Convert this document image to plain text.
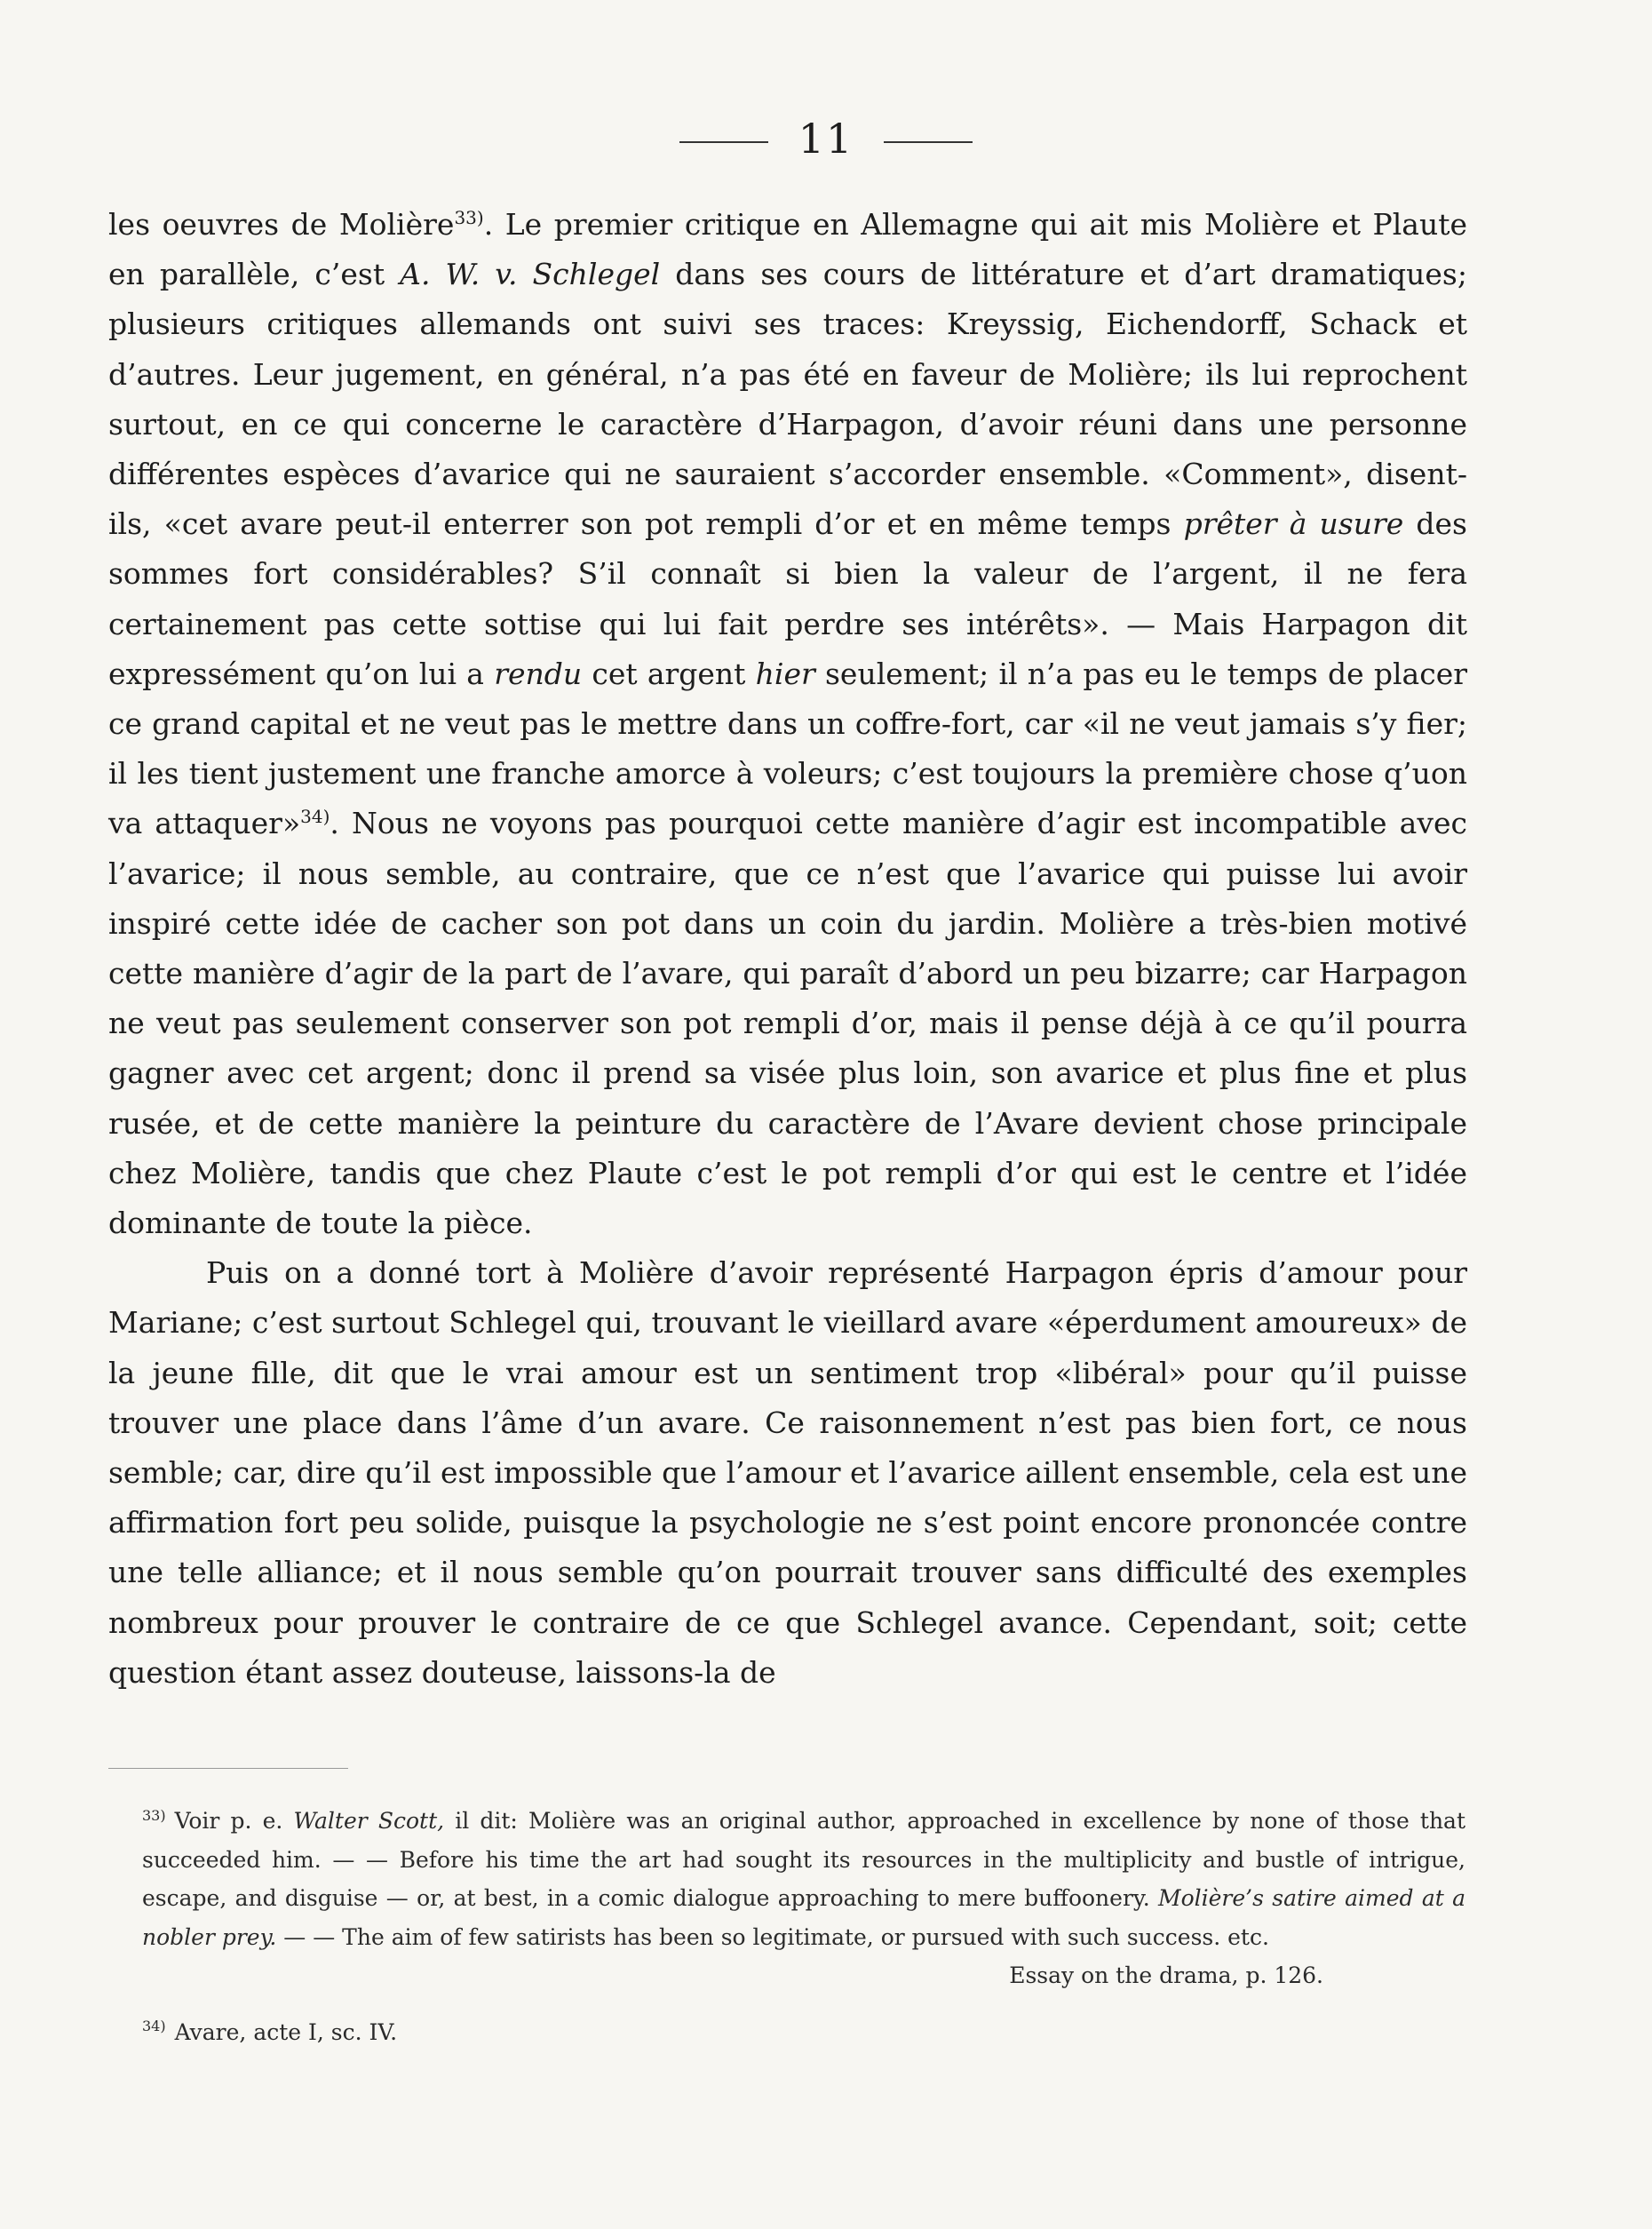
11

les oeuvres de Molière$^{33)}$. Le premier critique en Allemagne qui ait mis Molière et Plaute en parallèle, c’est A. W. v. Schlegel dans ses cours de littérature et d’art dramatiques; plusieurs critiques allemands ont suivi ses traces: Kreyssig, Eichendorff, Schack et d’autres. Leur jugement, en général, n’a pas été en faveur de Molière; ils lui reprochent surtout, en ce qui concerne le caractère d’Harpagon, d’avoir réuni dans une personne différentes espèces d’avarice qui ne sauraient s’accorder ensemble. «Comment», disent-ils, «cet avare peut-il enterrer son pot rempli d’or et en même temps prêter à usure des sommes fort considérables? S’il connaît si bien la valeur de l’argent, il ne fera certainement pas cette sottise qui lui fait perdre ses intérêts». — Mais Harpagon dit expressément qu’on lui a rendu cet argent hier seulement; il n’a pas eu le temps de placer ce grand capital et ne veut pas le mettre dans un coffre-fort, car «il ne veut jamais s’y fier; il les tient justement une franche amorce à voleurs; c’est toujours la première chose q’uon va attaquer»$^{34)}$. Nous ne voyons pas pourquoi cette manière d’agir est incompatible avec l’avarice; il nous semble, au contraire, que ce n’est que l’avarice qui puisse lui avoir inspiré cette idée de cacher son pot dans un coin du jardin. Molière a très-bien motivé cette manière d’agir de la part de l’avare, qui paraît d’abord un peu bizarre; car Harpagon ne veut pas seulement conserver son pot rempli d’or, mais il pense déjà à ce qu’il pourra gagner avec cet argent; donc il prend sa visée plus loin, son avarice et plus fine et plus rusée, et de cette manière la peinture du caractère de l’Avare devient chose principale chez Molière, tandis que chez Plaute c’est le pot rempli d’or qui est le centre et l’idée dominante de toute la pièce.

Puis on a donné tort à Molière d’avoir représenté Harpagon épris d’amour pour Mariane; c’est surtout Schlegel qui, trouvant le vieillard avare «éperdument amoureux» de la jeune fille, dit que le vrai amour est un sentiment trop «libéral» pour qu’il puisse trouver une place dans l’âme d’un avare. Ce raisonnement n’est pas bien fort, ce nous semble; car, dire qu’il est impossible que l’amour et l’avarice aillent ensemble, cela est une affirmation fort peu solide, puisque la psychologie ne s’est point encore prononcée contre une telle alliance; et il nous semble qu’on pourrait trouver sans difficulté des exemples nombreux pour prouver le contraire de ce que Schlegel avance. Cependant, soit; cette question étant assez douteuse, laissons-la de

$^{33)}$ Voir p. e. Walter Scott, il dit: Molière was an original author, approached in excellence by none of those that succeeded him. — — Before his time the art had sought its resources in the multiplicity and bustle of intrigue, escape, and disguise — or, at best, in a comic dialogue approaching to mere buffoonery. Molière’s satire aimed at a nobler prey. — — The aim of few satirists has been so legitimate, or pursued with such success. etc.
Essay on the drama, p. 126.
$^{34)}$ Avare, acte I, sc. IV.
